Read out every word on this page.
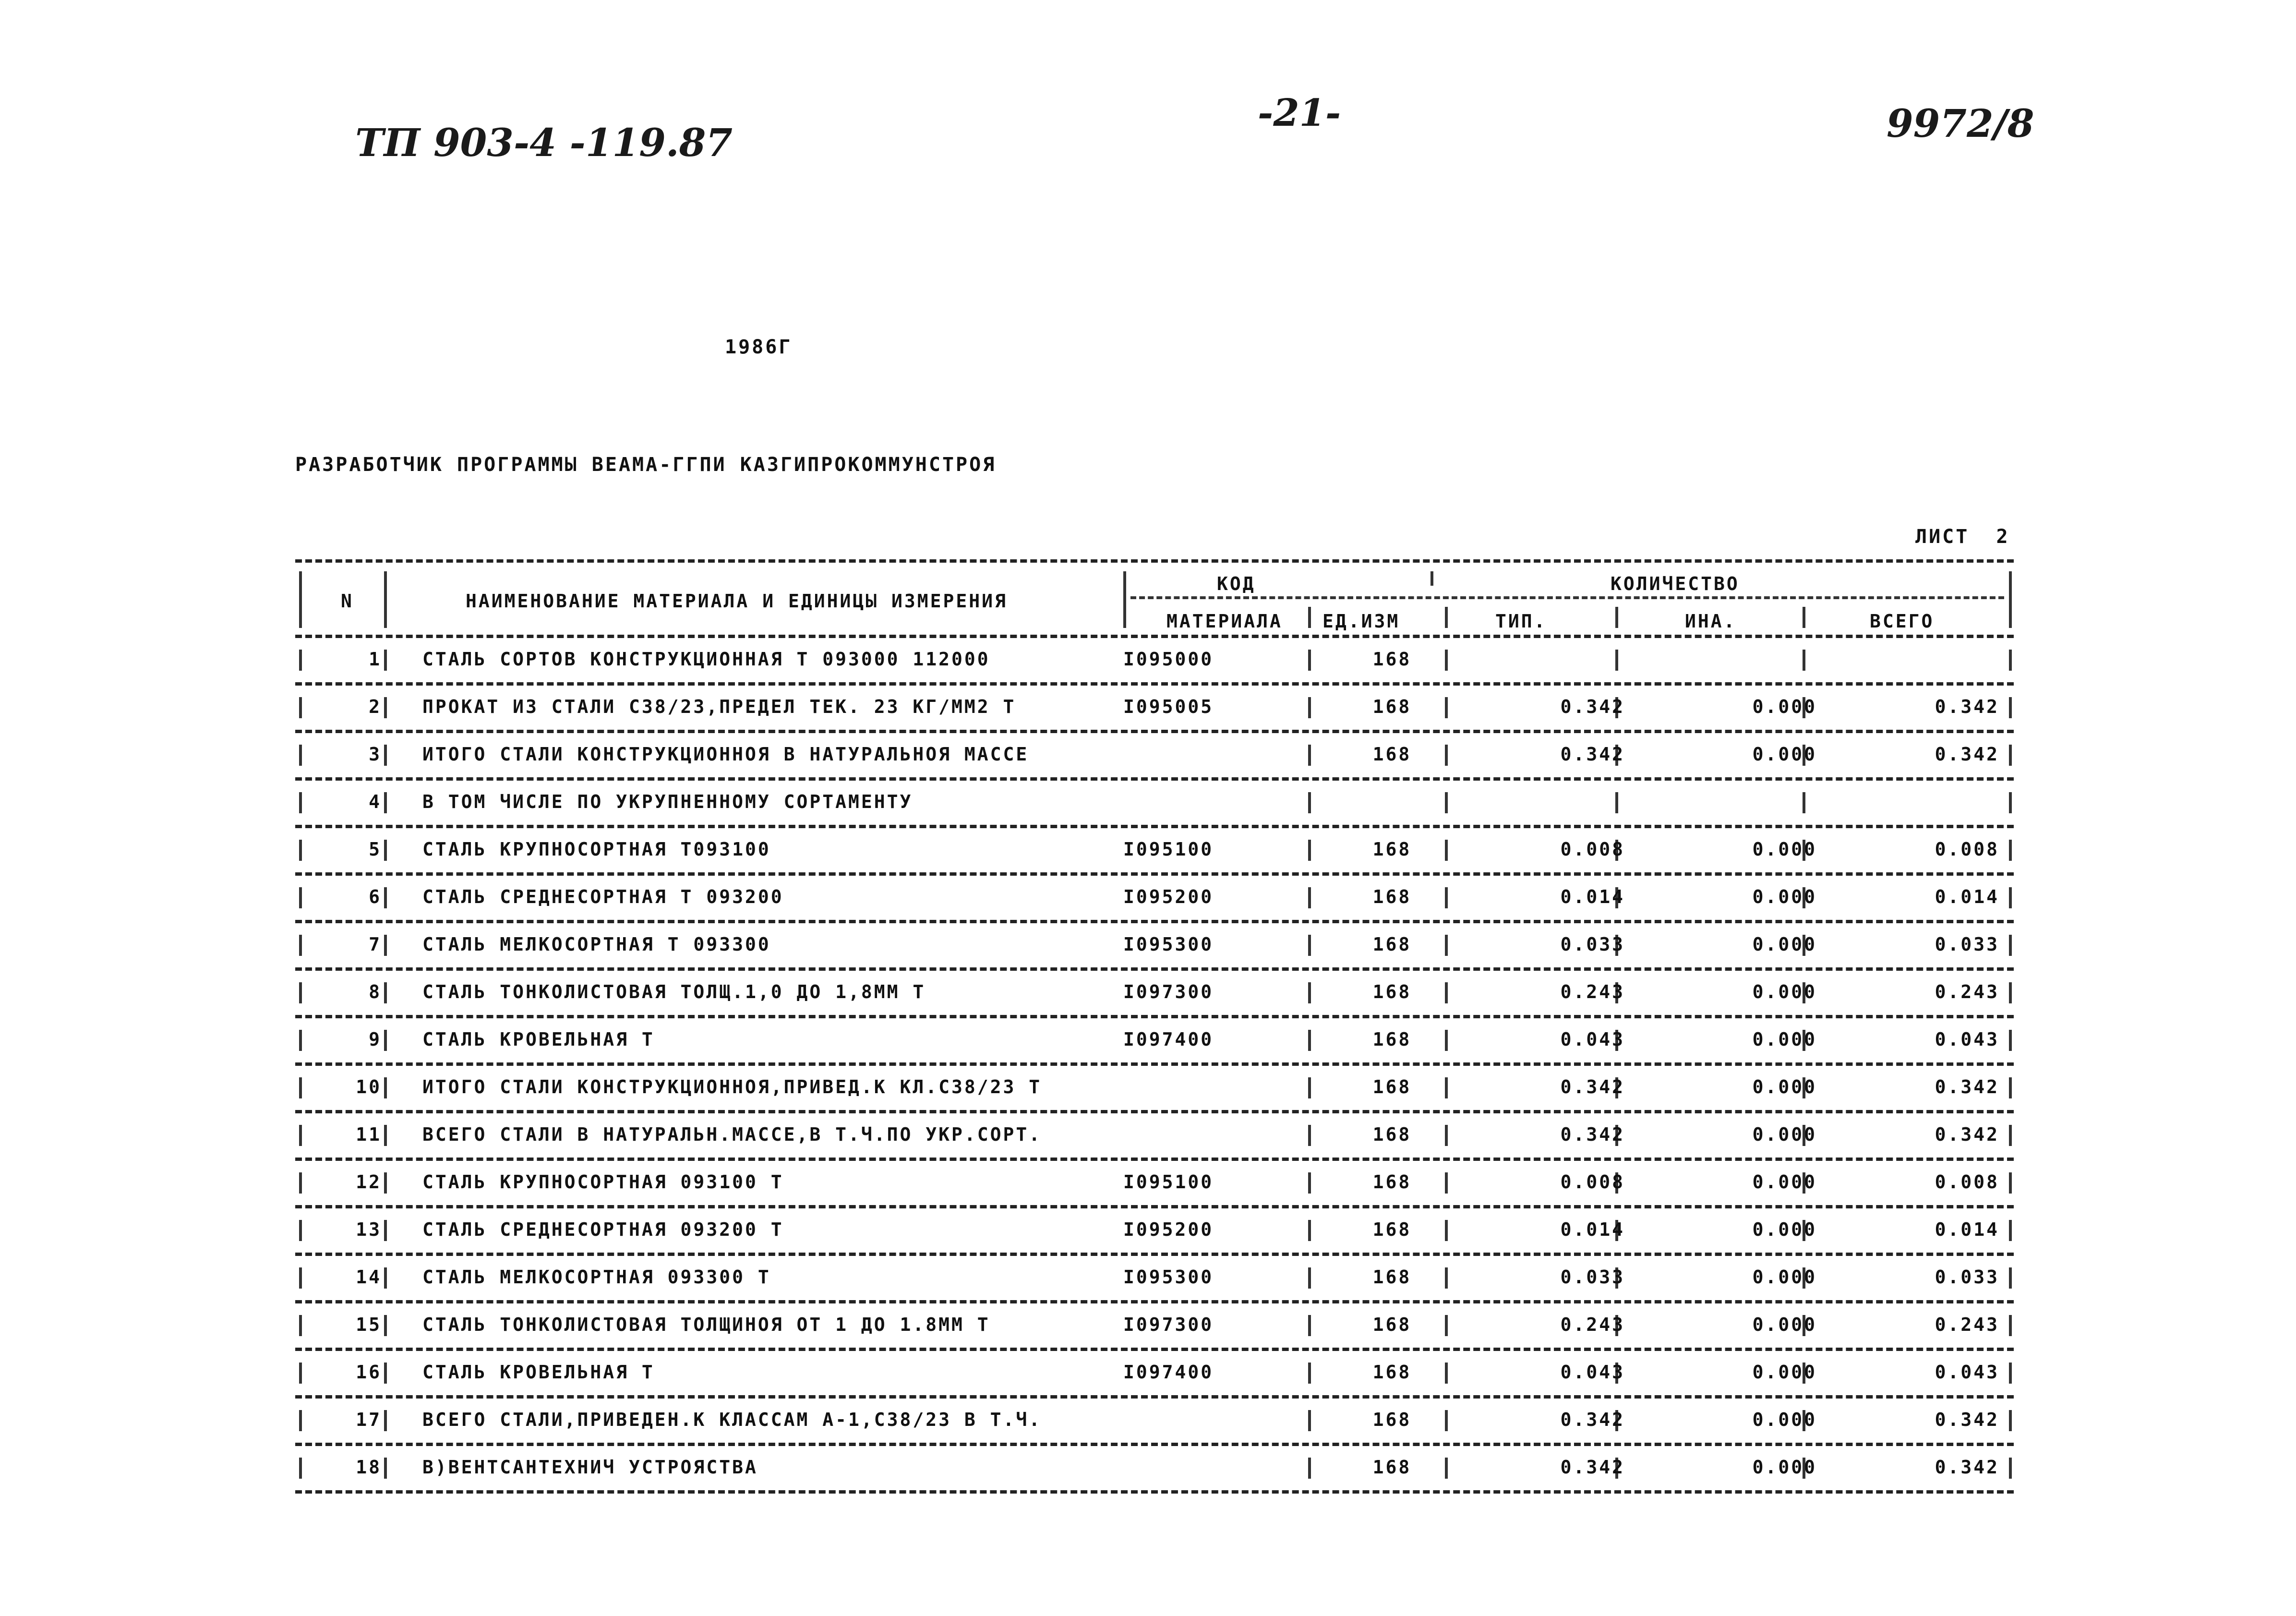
ТП 903-4 -119.87
-21-	9972/8
1986Г
РАЗРАБОТЧИК ПРОГРАММЫ ВЕАМА-ГГПИ КАЗГИПРОКОММУНСТРОЯ
ЛИСТ  2
N	НАИМЕНОВАНИЕ МАТЕРИАЛА И ЕДИНИЦЫ ИЗМЕРЕНИЯ
КОД
МАТЕРИАЛА ЕД.ИЗМ
КОЛИЧЕСТВО
ТИП.	ИНА.	ВСЕГО
1 СТАЛЬ СОРТОВ КОНСТРУКЦИОННАЯ Т 093000 112000	I095000	168
2 ПРОКАТ ИЗ СТАЛИ С38/23,ПРЕДЕЛ ТЕК. 23 КГ/ММ2 Т	I095005	168	0.342	0.000	0.342
3 ИТОГО СТАЛИ КОНСТРУКЦИОННОЯ В НАТУРАЛЬНОЯ МАССЕ	168	0.342	0.000	0.342
4 В ТОМ ЧИСЛЕ ПО УКРУПНЕННОМУ СОРТАМЕНТУ
5 СТАЛЬ КРУПНОСОРТНАЯ Т093100	I095100	168	0.008	0.000	0.008
6 СТАЛЬ СРЕДНЕСОРТНАЯ Т 093200	I095200	168	0.014	0.000	0.014
7 СТАЛЬ МЕЛКОСОРТНАЯ Т 093300	I095300	168	0.033	0.000	0.033
8 СТАЛЬ ТОНКОЛИСТОВАЯ ТОЛЩ.1,0 ДО 1,8ММ Т	I097300	168	0.243	0.000	0.243
9 СТАЛЬ КРОВЕЛЬНАЯ Т	I097400	168	0.043	0.000	0.043
10 ИТОГО СТАЛИ КОНСТРУКЦИОННОЯ,ПРИВЕД.К КЛ.С38/23 Т	168	0.342	0.000	0.342
11 ВСЕГО СТАЛИ В НАТУРАЛЬН.МАССЕ,В Т.Ч.ПО УКР.СОРТ.	168	0.342	0.000	0.342
12 СТАЛЬ КРУПНОСОРТНАЯ 093100 Т	I095100	168	0.008	0.000	0.008
13 СТАЛЬ СРЕДНЕСОРТНАЯ 093200 Т	I095200	168	0.014	0.000	0.014
14 СТАЛЬ МЕЛКОСОРТНАЯ 093300 Т	I095300	168	0.033	0.000	0.033
15 СТАЛЬ ТОНКОЛИСТОВАЯ ТОЛЩИНОЯ ОТ 1 ДО 1.8ММ Т	I097300	168	0.243	0.000	0.243
16 СТАЛЬ КРОВЕЛЬНАЯ Т	I097400	168	0.043	0.000	0.043
17 ВСЕГО СТАЛИ,ПРИВЕДЕН.К КЛАССАМ А-1,С38/23 В Т.Ч.	168	0.342	0.000	0.342
18 В)ВЕНТСАНТЕХНИЧ УСТРОЯСТВА	168	0.342	0.000	0.342
